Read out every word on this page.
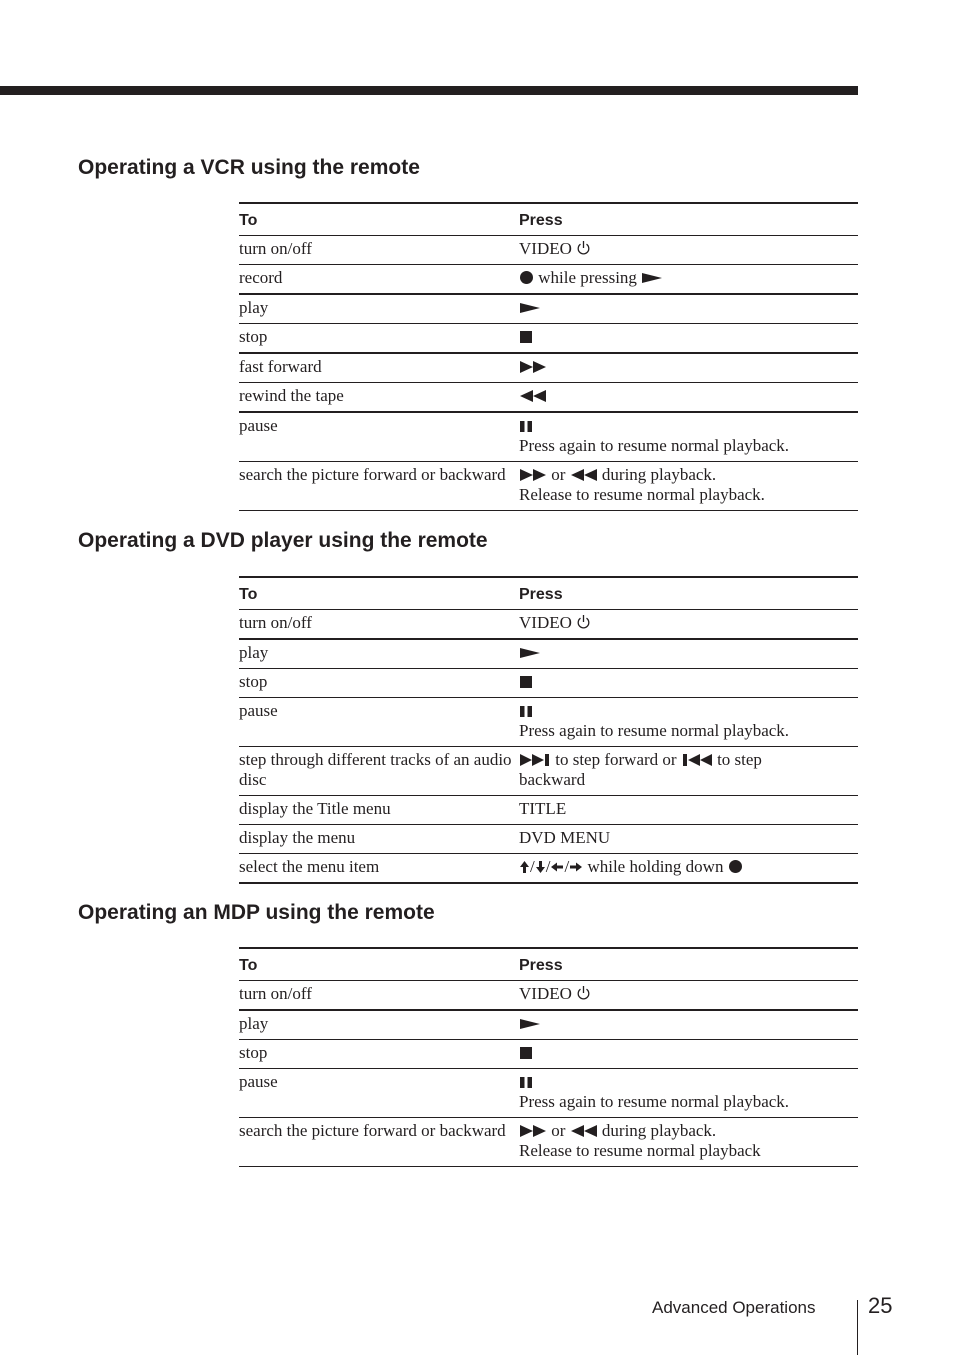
Operating a VCR using the remote
To	Press
turn on/off	VIDEO

record	while pressing

play	

stop	

fast forward	

rewind the tape	

pause	Press again to resume normal playback.

search the picture forward or backward	or during playback.
Release to resume normal playback.
Operating a DVD player using the remote
To	Press
turn on/off	VIDEO

play	

stop	

pause	Press again to resume normal playback.

step through different tracks of an audio disc	to step forward or to step
backward

display the Title menu	TITLE
display the menu	DVD MENU
select the menu item	/ / / while holding down
Operating an MDP using the remote
To	Press
turn on/off	VIDEO

play	

stop	

pause	Press again to resume normal playback.

search the picture forward or backward	or during playback.
Release to resume normal playback
Advanced Operations 25
